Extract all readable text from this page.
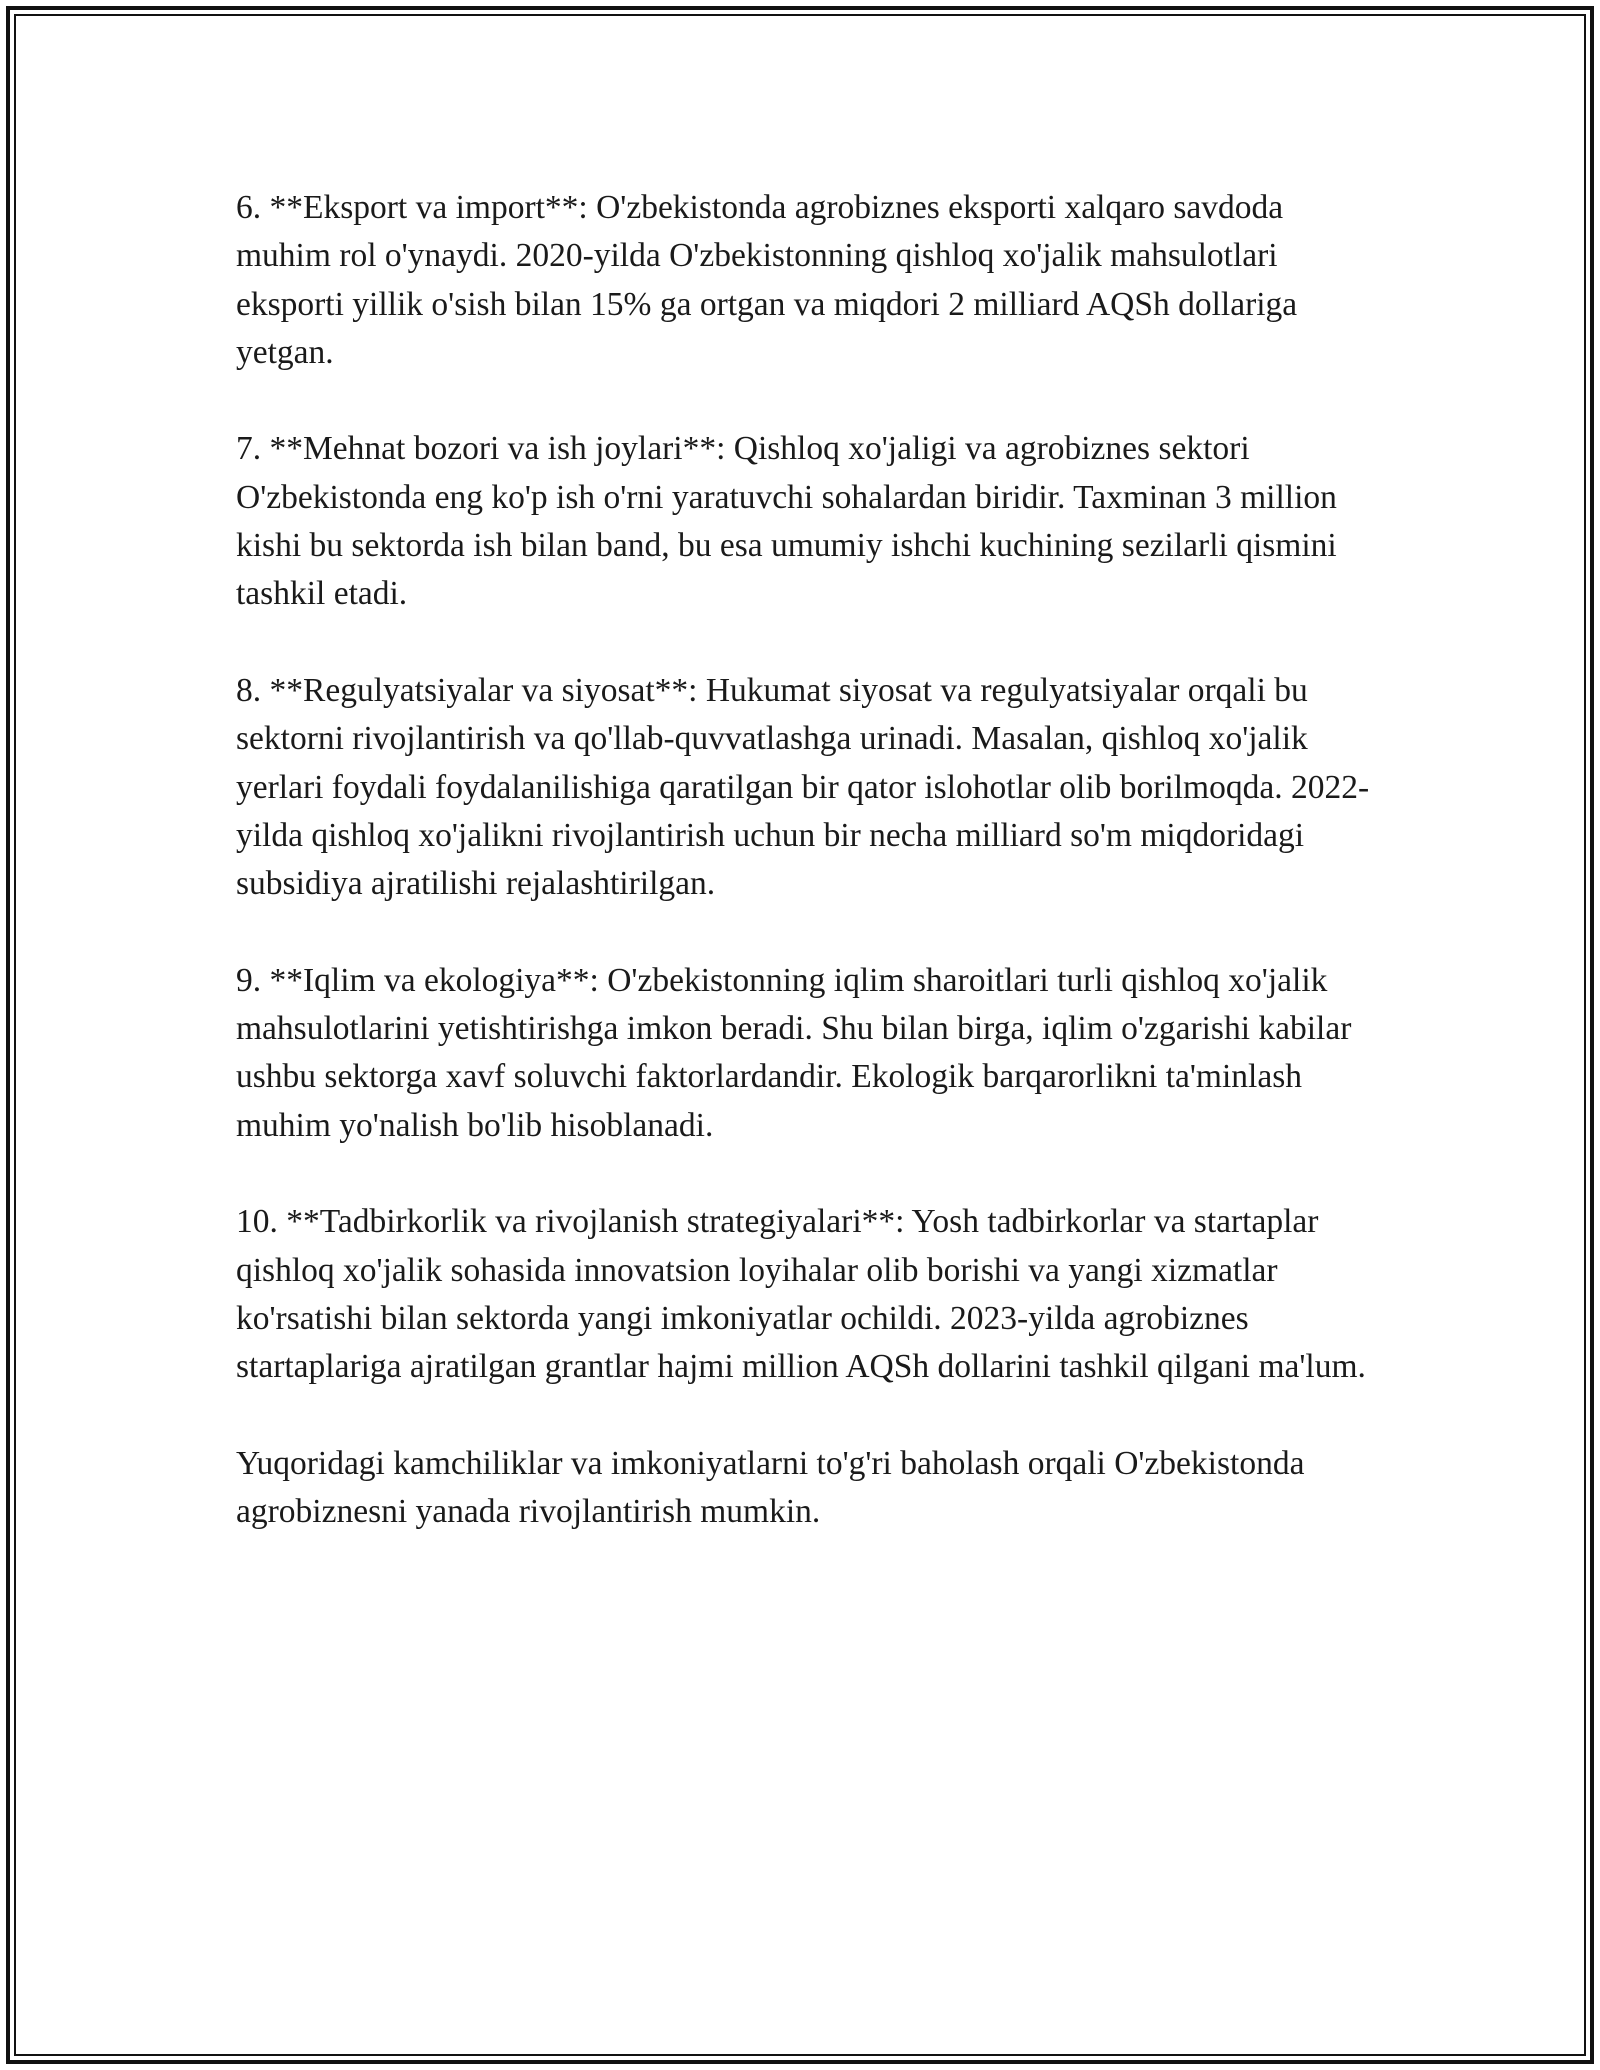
6. **Eksport va import**: O'zbekistonda agrobiznes eksporti xalqaro savdoda muhim rol o'ynaydi. 2020-yilda O'zbekistonning qishloq xo'jalik mahsulotlari eksporti yillik o'sish bilan 15% ga ortgan va miqdori 2 milliard AQSh dollariga yetgan.

7. **Mehnat bozori va ish joylari**: Qishloq xo'jaligi va agrobiznes sektori O'zbekistonda eng ko'p ish o'rni yaratuvchi sohalardan biridir. Taxminan 3 million kishi bu sektorda ish bilan band, bu esa umumiy ishchi kuchining sezilarli qismini tashkil etadi.

8. **Regulyatsiyalar va siyosat**: Hukumat siyosat va regulyatsiyalar orqali bu sektorni rivojlantirish va qo'llab-quvvatlashga urinadi. Masalan, qishloq xo'jalik yerlari foydali foydalanilishiga qaratilgan bir qator islohotlar olib borilmoqda. 2022-yilda qishloq xo'jalikni rivojlantirish uchun bir necha milliard so'm miqdoridagi subsidiya ajratilishi rejalashtirilgan.

9. **Iqlim va ekologiya**: O'zbekistonning iqlim sharoitlari turli qishloq xo'jalik mahsulotlarini yetishtirishga imkon beradi. Shu bilan birga, iqlim o'zgarishi kabilar ushbu sektorga xavf soluvchi faktorlardandir. Ekologik barqarorlikni ta'minlash muhim yo'nalish bo'lib hisoblanadi.

10. **Tadbirkorlik va rivojlanish strategiyalari**: Yosh tadbirkorlar va startaplar qishloq xo'jalik sohasida innovatsion loyihalar olib borishi va yangi xizmatlar ko'rsatishi bilan sektorda yangi imkoniyatlar ochildi. 2023-yilda agrobiznes startaplariga ajratilgan grantlar hajmi million AQSh dollarini tashkil qilgani ma'lum.

Yuqoridagi kamchiliklar va imkoniyatlarni to'g'ri baholash orqali O'zbekistonda agrobiznesni yanada rivojlantirish mumkin.
